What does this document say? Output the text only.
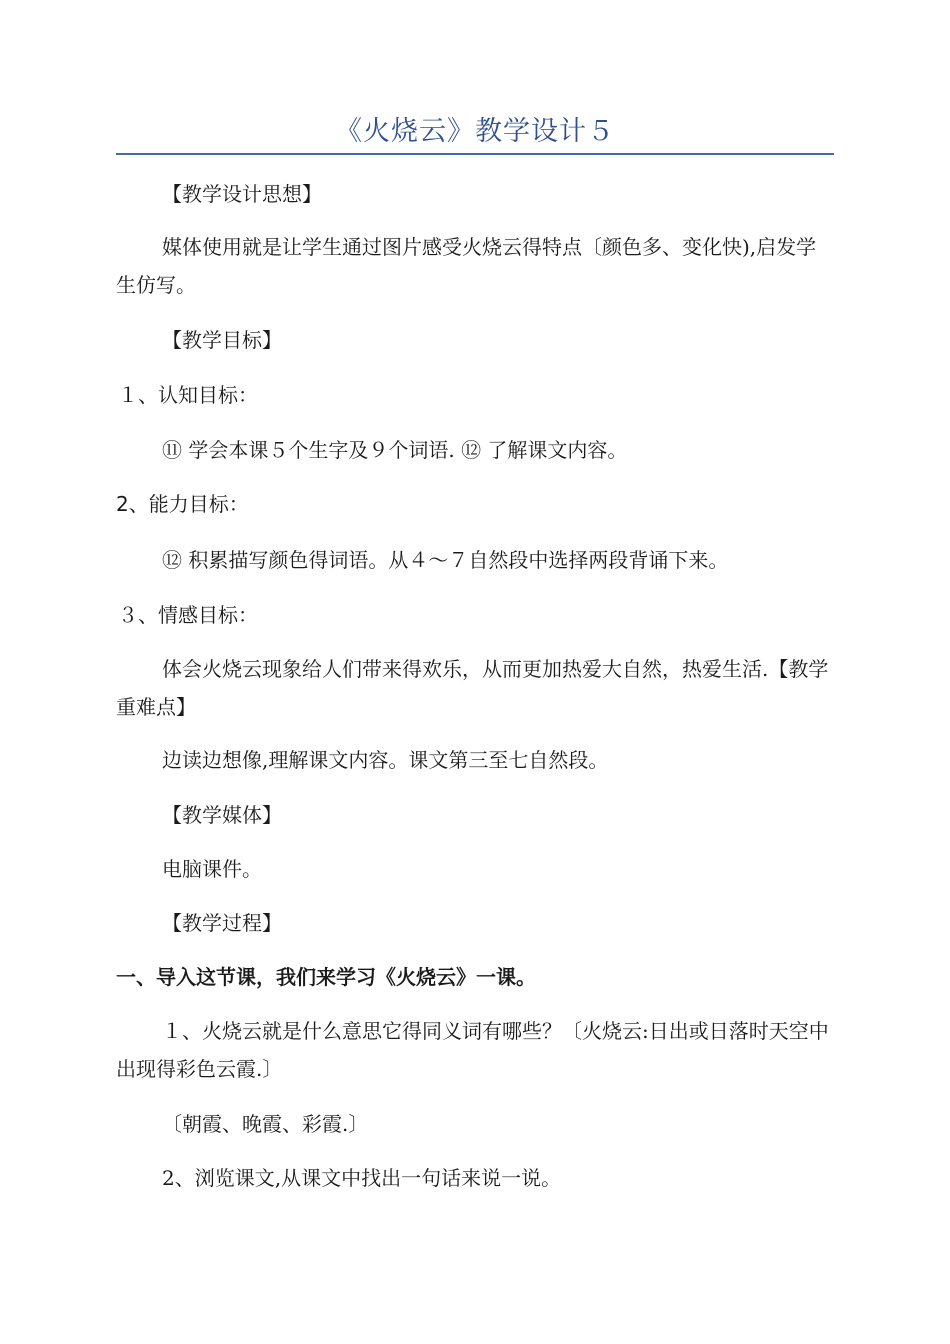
《火烧云》教学设计５
【教学设计思想】
媒体使用就是让学生通过图片感受火烧云得特点〔颜色多、变化快),启发学生仿写。
【教学目标】
１、认知目标：
⑪ 学会本课５个生字及９个词语. ⑫ 了解课文内容。
2、能力目标：
⑫ 积累描写颜色得词语。从４～７自然段中选择两段背诵下来。
３、情感目标：
体会火烧云现象给人们带来得欢乐，从而更加热爱大自然，热爱生活.【教学重难点】
边读边想像,理解课文内容。课文第三至七自然段。
【教学媒体】
电脑课件。
【教学过程】
一、导入这节课，我们来学习《火烧云》一课。
１、火烧云就是什么意思它得同义词有哪些？〔火烧云:日出或日落时天空中出现得彩色云霞.〕
〔朝霞、晚霞、彩霞.〕
2、浏览课文,从课文中找出一句话来说一说。
